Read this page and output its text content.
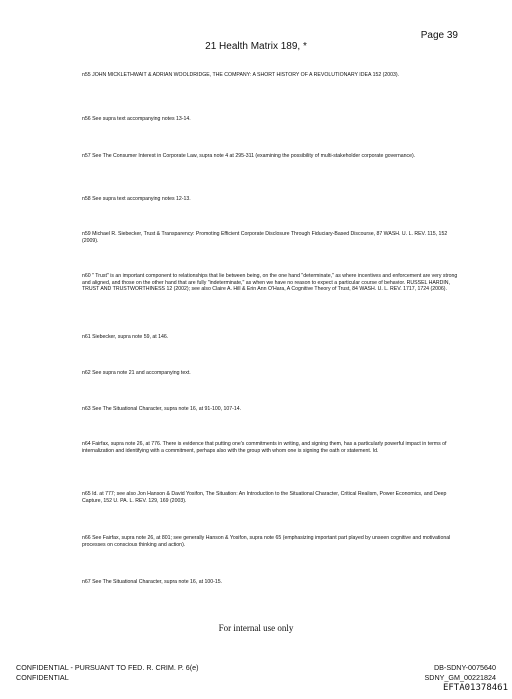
Page 39
21 Health Matrix 189, *
n55 JOHN MICKLETHWAIT & ADRIAN WOOLDRIDGE, THE COMPANY: A SHORT HISTORY OF A REVOLUTIONARY IDEA 152 (2003).
n56 See supra text accompanying notes 13-14.
n57 See The Consumer Interest in Corporate Law, supra note 4 at 295-311 (examining the possibility of multi-stakeholder corporate governance).
n58 See supra text accompanying notes 12-13.
n59 Michael R. Siebecker, Trust & Transparency: Promoting Efficient Corporate Disclosure Through Fiduciary-Based Discourse, 87 WASH. U. L. REV. 115, 152 (2009).
n60 " Trust" is an important component to relationships that lie between being, on the one hand "determinate," as where incentives and enforcement are very strong and aligned, and those on the other hand that are fully "indeterminate," as when we have no reason to expect a particular course of behavior. RUSSEL HARDIN, TRUST AND TRUSTWORTHINESS 12 (2002); see also Claire A. Hill & Erin Ann O'Hara, A Cognitive Theory of Trust, 84 WASH. U. L. REV. 1717, 1724 (2006).
n61 Siebecker, supra note 59, at 146.
n62 See supra note 21 and accompanying text.
n63 See The Situational Character, supra note 16, at 91-100, 107-14.
n64 Fairfax, supra note 26, at 776. There is evidence that putting one's commitments in writing, and signing them, has a particularly powerful impact in terms of internalization and identifying with a commitment, perhaps also with the group with whom one is signing the oath or statement. Id.
n65 Id. at 777; see also Jon Hanson & David Yosifon, The Situation: An Introduction to the Situational Character, Critical Realism, Power Economics, and Deep Capture, 152 U. PA. L. REV. 129, 169 (2003).
n66 See Fairfax, supra note 26, at 801; see generally Hanson & Yosifon, supra note 65 (emphasizing important part played by unseen cognitive and motivational processes on conscious thinking and action).
n67 See The Situational Character, supra note 16, at 100-15.
For internal use only
CONFIDENTIAL - PURSUANT TO FED. R. CRIM. P. 6(e)
CONFIDENTIAL
DB-SDNY-0075640
SDNY_GM_00221824
EFTA01378461
